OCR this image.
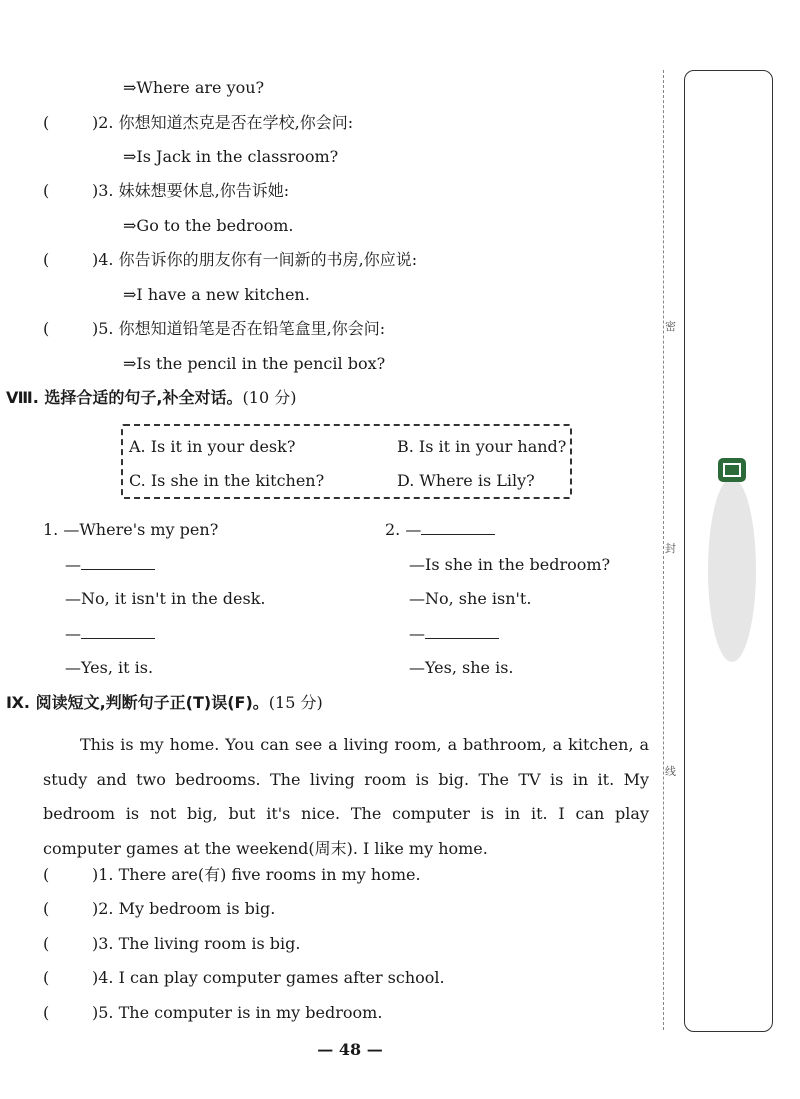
⇒Where are you?
(	)2. 你想知道杰克是否在学校,你会问:
⇒Is Jack in the classroom?
(	)3. 妹妹想要休息,你告诉她:
⇒Go to the bedroom.
(	)4. 你告诉你的朋友你有一间新的书房,你应说:
⇒I have a new kitchen.
(	)5. 你想知道铅笔是否在铅笔盒里,你会问:
⇒Is the pencil in the pencil box?
Ⅷ. 选择合适的句子,补全对话。(10 分)
A. Is it in your desk?	B. Is it in your hand?
C. Is she in the kitchen?	D. Where is Lily?
1. —Where's my pen?
—
—No, it isn't in the desk.
—
—Yes, it is.
2. —
—Is she in the bedroom?
—No, she isn't.
—
—Yes, she is.
Ⅸ. 阅读短文,判断句子正(T)误(F)。(15 分)

This is my home. You can see a living room, a bathroom, a kitchen, a study and two bedrooms. The living room is big. The TV is in it. My bedroom is not big, but it's nice. The computer is in it. I can play computer games at the weekend(周末). I like my home.

(	)1. There are(有) five rooms in my home.
(	)2. My bedroom is big.
(	)3. The living room is big.
(	)4. I can play computer games after school.
(	)5. The computer is in my bedroom.
— 48 —
密
封
线
